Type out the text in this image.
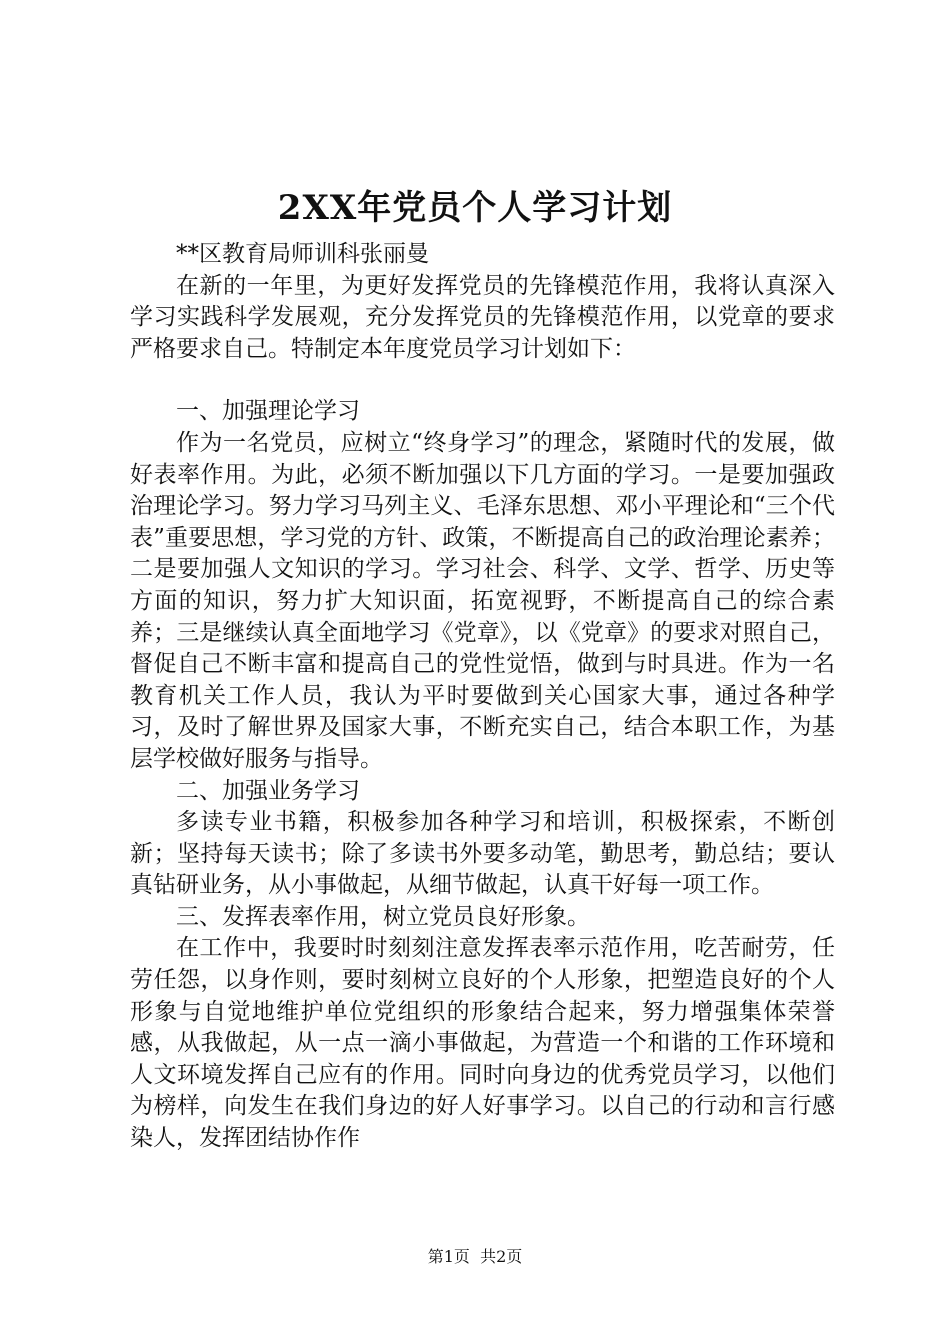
2XX年党员个人学习计划

**区教育局师训科张丽曼

在新的一年里，为更好发挥党员的先锋模范作用，我将认真深入学习实践科学发展观，充分发挥党员的先锋模范作用，以党章的要求严格要求自己。特制定本年度党员学习计划如下：

一、加强理论学习

作为一名党员，应树立“终身学习”的理念，紧随时代的发展，做好表率作用。为此，必须不断加强以下几方面的学习。一是要加强政治理论学习。努力学习马列主义、毛泽东思想、邓小平理论和“三个代表”重要思想，学习党的方针、政策，不断提高自己的政治理论素养；二是要加强人文知识的学习。学习社会、科学、文学、哲学、历史等方面的知识，努力扩大知识面，拓宽视野，不断提高自己的综合素养；三是继续认真全面地学习《党章》，以《党章》的要求对照自己，督促自己不断丰富和提高自己的党性觉悟，做到与时具进。作为一名教育机关工作人员，我认为平时要做到关心国家大事，通过各种学习，及时了解世界及国家大事，不断充实自己，结合本职工作，为基层学校做好服务与指导。

二、加强业务学习

多读专业书籍，积极参加各种学习和培训，积极探索，不断创新；坚持每天读书；除了多读书外要多动笔，勤思考，勤总结；要认真钻研业务，从小事做起，从细节做起，认真干好每一项工作。

三、发挥表率作用，树立党员良好形象。

在工作中，我要时时刻刻注意发挥表率示范作用，吃苦耐劳，任劳任怨，以身作则，要时刻树立良好的个人形象，把塑造良好的个人形象与自觉地维护单位党组织的形象结合起来，努力增强集体荣誉感，从我做起，从一点一滴小事做起，为营造一个和谐的工作环境和人文环境发挥自己应有的作用。同时向身边的优秀党员学习，以他们为榜样，向发生在我们身边的好人好事学习。以自己的行动和言行感染人，发挥团结协作作

第1页 共2页
